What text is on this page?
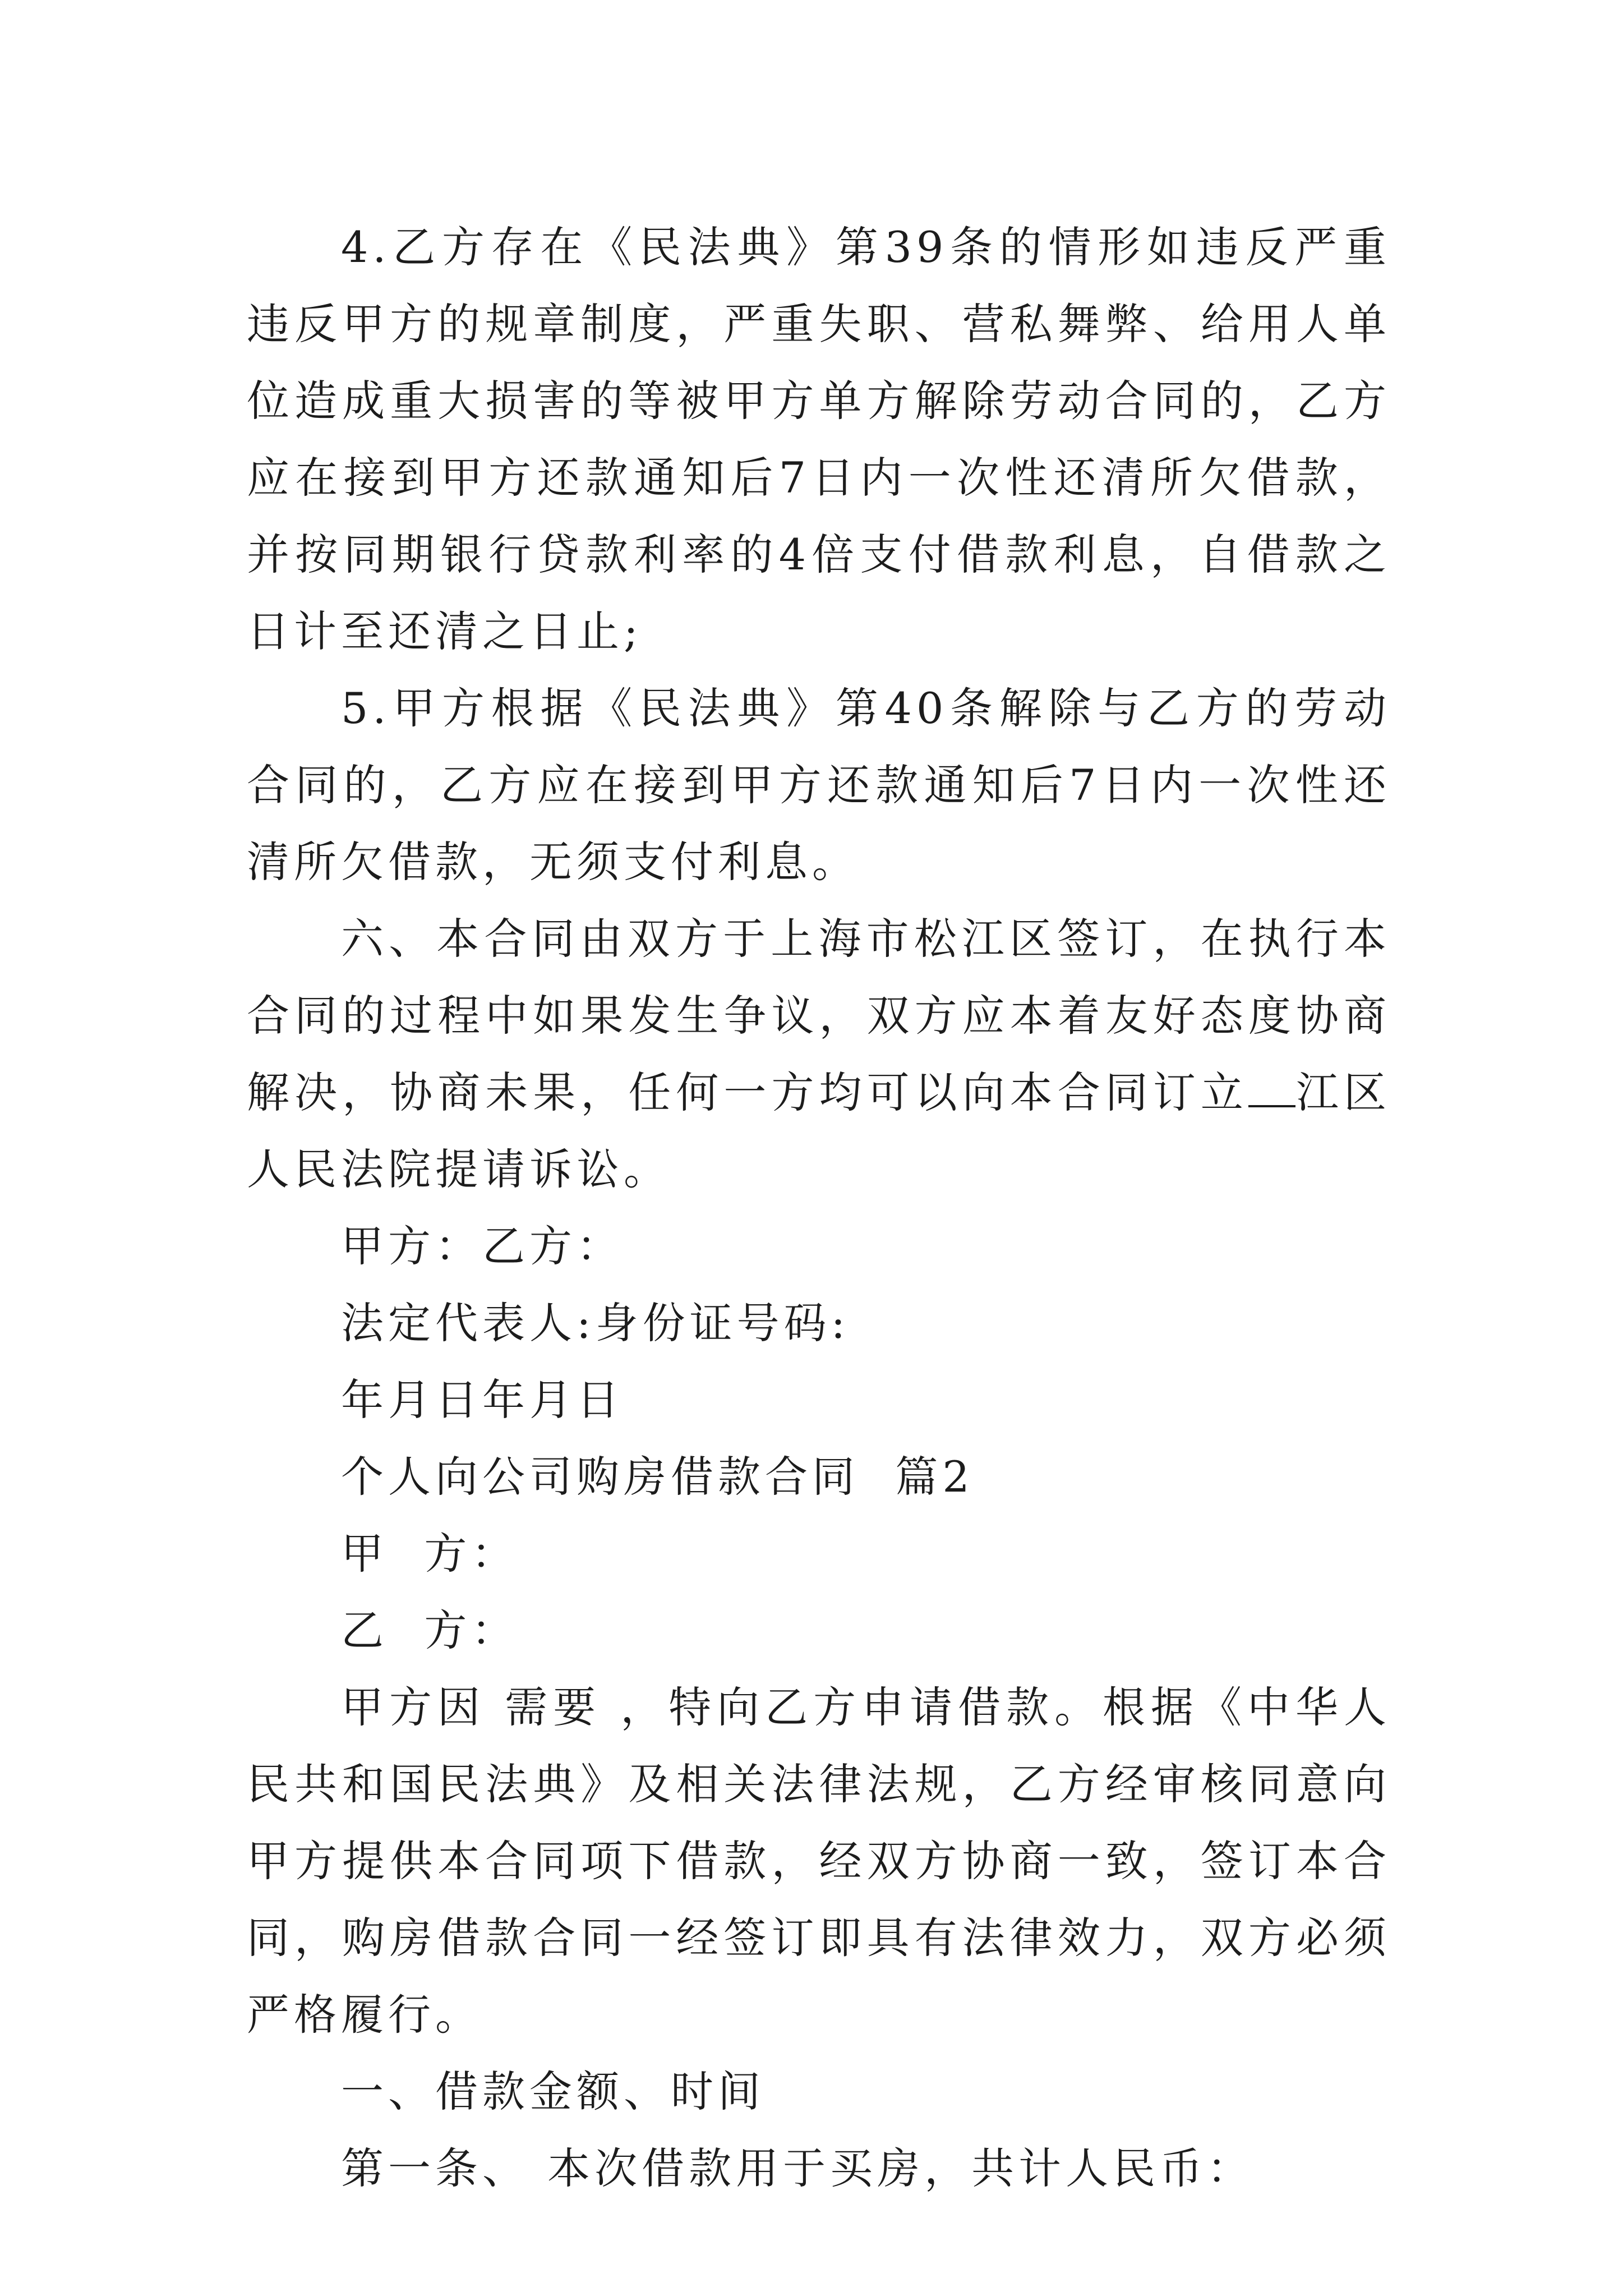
4.乙方存在《民法典》第39条的情形如违反严重违反甲方的规章制度，严重失职、营私舞弊、给用人单位造成重大损害的等被甲方单方解除劳动合同的，乙方应在接到甲方还款通知后7日内一次性还清所欠借款，并按同期银行贷款利率的4倍支付借款利息，自借款之日计至还清之日止;

5.甲方根据《民法典》第40条解除与乙方的劳动合同的，乙方应在接到甲方还款通知后7日内一次性还清所欠借款，无须支付利息。

六、本合同由双方于上海市松江区签订，在执行本合同的过程中如果发生争议，双方应本着友好态度协商解决，协商未果，任何一方均可以向本合同订立 江区人民法院提请诉讼。

甲方：乙方：

法定代表人:身份证号码:

年月日年月日

个人向公司购房借款合同  篇2

甲  方：

乙  方：

甲方因 需要 ，特向乙方申请借款。根据《中华人民共和国民法典》及相关法律法规，乙方经审核同意向甲方提供本合同项下借款，经双方协商一致，签订本合同，购房借款合同一经签订即具有法律效力，双方必须严格履行。

一、借款金额、时间

第一条、 本次借款用于买房，共计人民币：
